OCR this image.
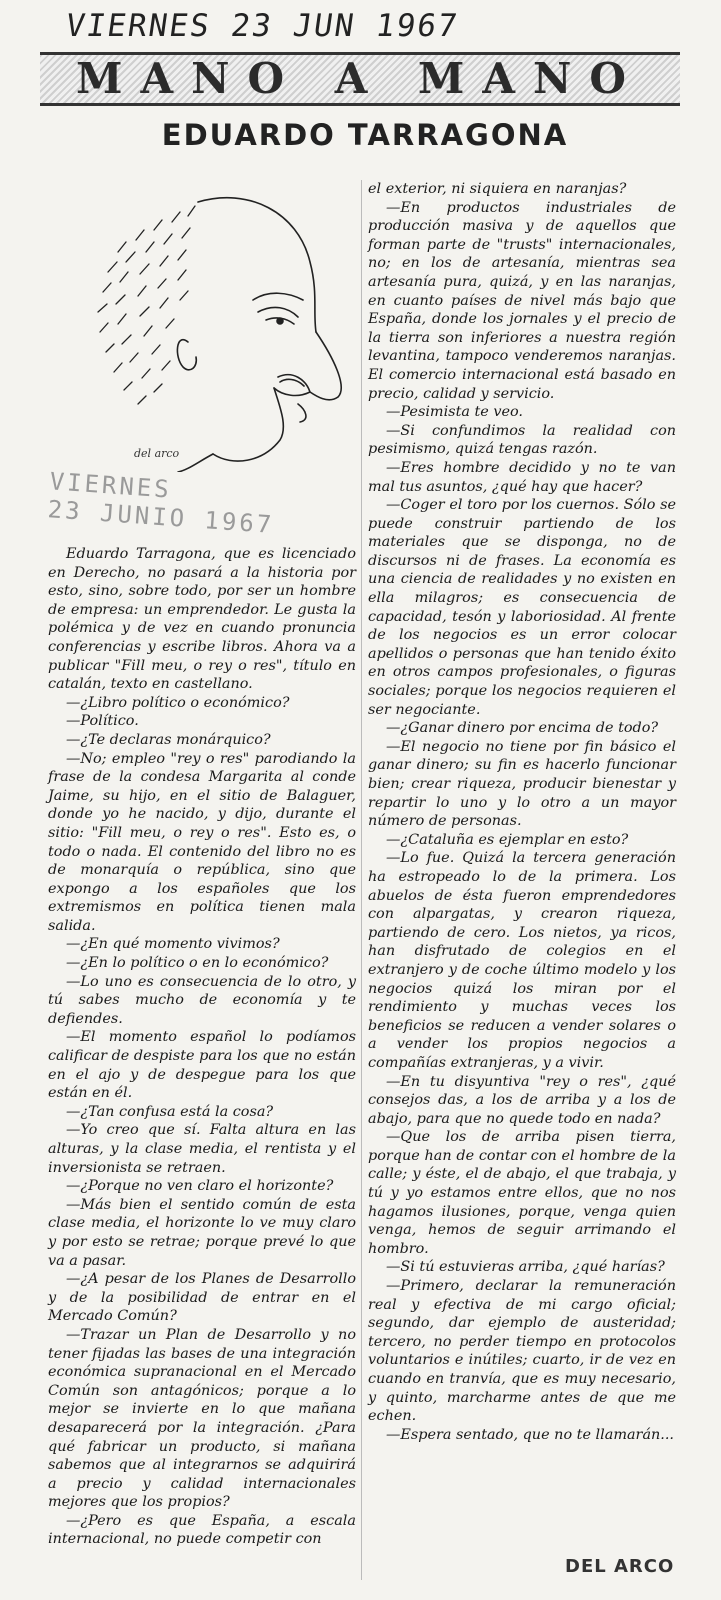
VIERNES 23 JUN 1967
MANO A MANO
EDUARDO TARRAGONA
del arco
VIERNES
23 JUNIO 1967

Eduardo Tarragona, que es licenciado en Derecho, no pasará a la historia por esto, sino, sobre todo, por ser un hombre de empresa: un emprendedor. Le gusta la polémica y de vez en cuando pronuncia conferencias y escribe libros. Ahora va a publicar "Fill meu, o rey o res", título en catalán, texto en castellano.

—¿Libro político o económico?

—Político.

—¿Te declaras monárquico?

—No; empleo "rey o res" parodiando la frase de la condesa Margarita al conde Jaime, su hijo, en el sitio de Balaguer, donde yo he nacido, y dijo, durante el sitio: "Fill meu, o rey o res". Esto es, o todo o nada. El contenido del libro no es de monarquía o república, sino que expongo a los españoles que los extremismos en política tienen mala salida.

—¿En qué momento vivimos?

—¿En lo político o en lo económico?

—Lo uno es consecuencia de lo otro, y tú sabes mucho de economía y te defiendes.

—El momento español lo podíamos calificar de despiste para los que no están en el ajo y de despegue para los que están en él.

—¿Tan confusa está la cosa?

—Yo creo que sí. Falta altura en las alturas, y la clase media, el rentista y el inversionista se retraen.

—¿Porque no ven claro el horizonte?

—Más bien el sentido común de esta clase media, el horizonte lo ve muy claro y por esto se retrae; porque prevé lo que va a pasar.

—¿A pesar de los Planes de Desarrollo y de la posibilidad de entrar en el Mercado Común?

—Trazar un Plan de Desarrollo y no tener fijadas las bases de una integración económica supranacional en el Mercado Común son antagónicos; porque a lo mejor se invierte en lo que mañana desaparecerá por la integración. ¿Para qué fabricar un producto, si mañana sabemos que al integrarnos se adquirirá a precio y calidad internacionales mejores que los propios?

—¿Pero es que España, a escala internacional, no puede competir con

el exterior, ni siquiera en naranjas?

—En productos industriales de producción masiva y de aquellos que forman parte de "trusts" internacionales, no; en los de artesanía, mientras sea artesanía pura, quizá, y en las naranjas, en cuanto países de nivel más bajo que España, donde los jornales y el precio de la tierra son inferiores a nuestra región levantina, tampoco venderemos naranjas. El comercio internacional está basado en precio, calidad y servicio.

—Pesimista te veo.

—Si confundimos la realidad con pesimismo, quizá tengas razón.

—Eres hombre decidido y no te van mal tus asuntos, ¿qué hay que hacer?

—Coger el toro por los cuernos. Sólo se puede construir partiendo de los materiales que se disponga, no de discursos ni de frases. La economía es una ciencia de realidades y no existen en ella milagros; es consecuencia de capacidad, tesón y laboriosidad. Al frente de los negocios es un error colocar apellidos o personas que han tenido éxito en otros campos profesionales, o figuras sociales; porque los negocios requieren el ser negociante.

—¿Ganar dinero por encima de todo?

—El negocio no tiene por fin básico el ganar dinero; su fin es hacerlo funcionar bien; crear riqueza, producir bienestar y repartir lo uno y lo otro a un mayor número de personas.

—¿Cataluña es ejemplar en esto?

—Lo fue. Quizá la tercera generación ha estropeado lo de la primera. Los abuelos de ésta fueron emprendedores con alpargatas, y crearon riqueza, partiendo de cero. Los nietos, ya ricos, han disfrutado de colegios en el extranjero y de coche último modelo y los negocios quizá los miran por el rendimiento y muchas veces los beneficios se reducen a vender solares o a vender los propios negocios a compañías extranjeras, y a vivir.

—En tu disyuntiva "rey o res", ¿qué consejos das, a los de arriba y a los de abajo, para que no quede todo en nada?

—Que los de arriba pisen tierra, porque han de contar con el hombre de la calle; y éste, el de abajo, el que trabaja, y tú y yo estamos entre ellos, que no nos hagamos ilusiones, porque, venga quien venga, hemos de seguir arrimando el hombro.

—Si tú estuvieras arriba, ¿qué harías?

—Primero, declarar la remuneración real y efectiva de mi cargo oficial; segundo, dar ejemplo de austeridad; tercero, no perder tiempo en protocolos voluntarios e inútiles; cuarto, ir de vez en cuando en tranvía, que es muy necesario, y quinto, marcharme antes de que me echen.

—Espera sentado, que no te llamarán...

DEL ARCO
